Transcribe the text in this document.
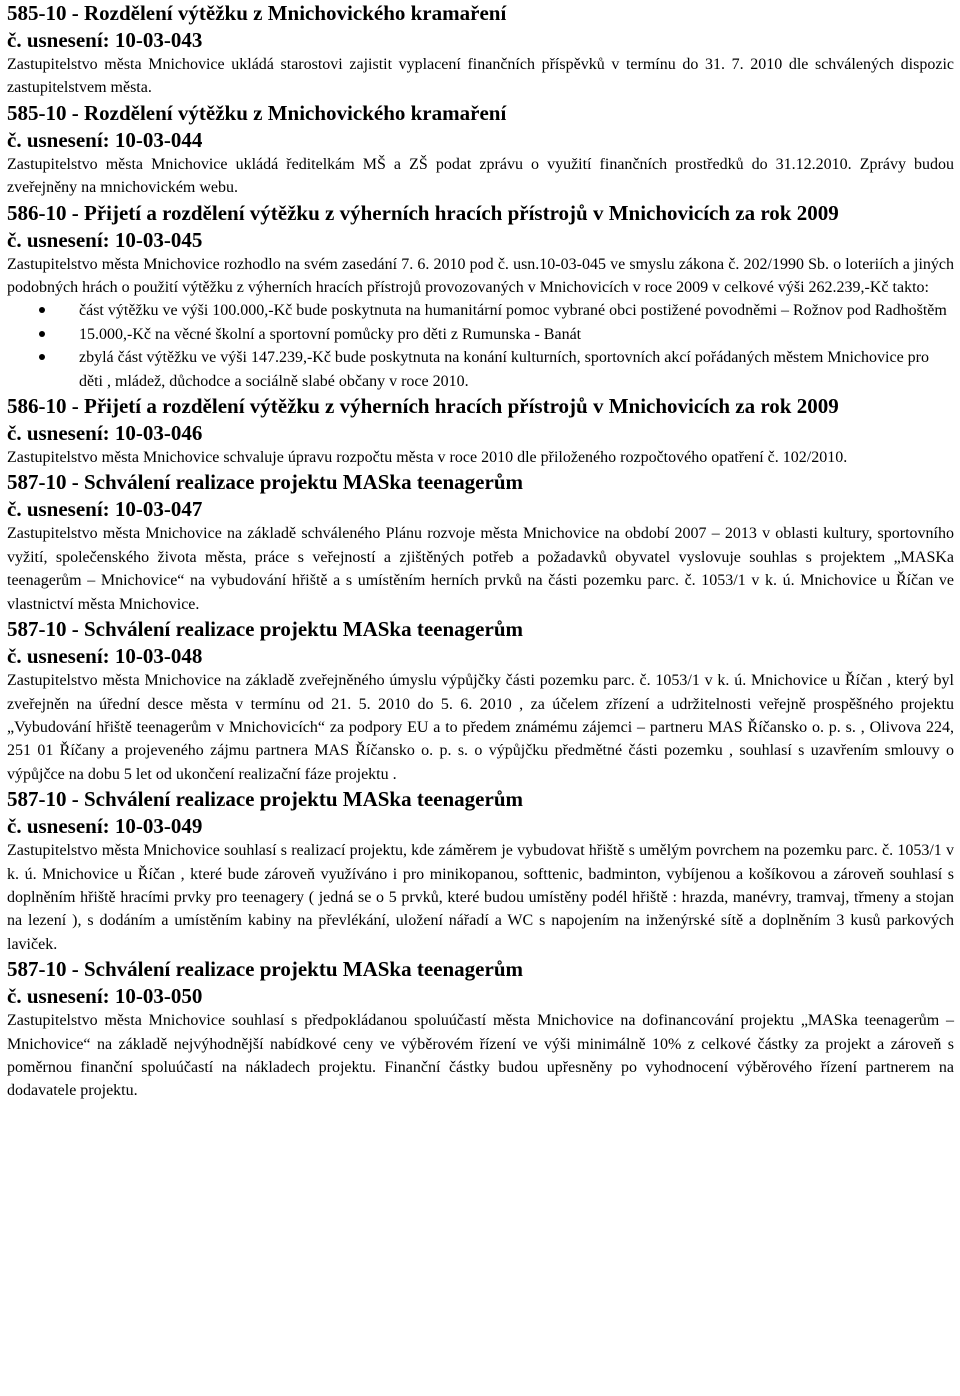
585-10 - Rozdělení výtěžku z Mnichovického kramaření
č. usnesení: 10-03-043

Zastupitelstvo města Mnichovice ukládá starostovi zajistit vyplacení finančních příspěvků v termínu do 31. 7. 2010 dle schválených dispozic zastupitelstvem města.

585-10 - Rozdělení výtěžku z Mnichovického kramaření
č. usnesení: 10-03-044

Zastupitelstvo města Mnichovice ukládá ředitelkám MŠ a ZŠ podat zprávu o využití finančních prostředků do 31.12.2010. Zprávy budou zveřejněny na mnichovickém webu.

586-10 - Přijetí a rozdělení výtěžku z výherních hracích přístrojů v Mnichovicích za rok 2009
č. usnesení: 10-03-045

Zastupitelstvo města Mnichovice rozhodlo na svém zasedání 7. 6. 2010 pod č. usn.10-03-045 ve smyslu zákona č. 202/1990 Sb. o loteriích a jiných podobných hrách o použití výtěžku z výherních hracích přístrojů provozovaných v Mnichovicích v roce 2009 v celkové výši 262.239,-Kč takto:

část výtěžku ve výši 100.000,-Kč bude poskytnuta na humanitární pomoc vybrané obci postižené povodněmi – Rožnov pod Radhoštěm
15.000,-Kč na věcné školní a sportovní pomůcky pro děti z Rumunska - Banát
zbylá část výtěžku ve výši 147.239,-Kč bude poskytnuta na konání kulturních, sportovních akcí pořádaných městem Mnichovice pro děti , mládež, důchodce a sociálně slabé občany v roce 2010.
586-10 - Přijetí a rozdělení výtěžku z výherních hracích přístrojů v Mnichovicích za rok 2009
č. usnesení: 10-03-046

Zastupitelstvo města Mnichovice schvaluje úpravu rozpočtu města v roce 2010 dle přiloženého rozpočtového opatření č. 102/2010.

587-10 - Schválení realizace projektu MASka teenagerům
č. usnesení: 10-03-047

Zastupitelstvo města Mnichovice na základě schváleného Plánu rozvoje města Mnichovice na období 2007 – 2013 v oblasti kultury, sportovního vyžití, společenského života města, práce s veřejností a zjištěných potřeb a požadavků obyvatel vyslovuje souhlas s projektem „MASKa teenagerům – Mnichovice“ na vybudování hřiště a s umístěním herních prvků na části pozemku parc. č. 1053/1 v k. ú. Mnichovice u Říčan ve vlastnictví města Mnichovice.

587-10 - Schválení realizace projektu MASka teenagerům
č. usnesení: 10-03-048

Zastupitelstvo města Mnichovice na základě zveřejněného úmyslu výpůjčky části pozemku parc. č. 1053/1 v k. ú. Mnichovice u Říčan , který byl zveřejněn na úřední desce města v termínu od 21. 5. 2010 do 5. 6. 2010 , za účelem zřízení a udržitelnosti veřejně prospěšného projektu „Vybudování hřiště teenagerům v Mnichovicích“ za podpory EU a to předem známému zájemci – partneru MAS Říčansko o. p. s. , Olivova 224, 251 01 Říčany a projeveného zájmu partnera MAS Říčansko o. p. s. o výpůjčku předmětné části pozemku , souhlasí s uzavřením smlouvy o výpůjčce na dobu 5 let od ukončení realizační fáze projektu .

587-10 - Schválení realizace projektu MASka teenagerům
č. usnesení: 10-03-049

Zastupitelstvo města Mnichovice souhlasí s realizací projektu, kde záměrem je vybudovat hřiště s umělým povrchem na pozemku parc. č. 1053/1 v k. ú. Mnichovice u Říčan , které bude zároveň využíváno i pro minikopanou, softtenic, badminton, vybíjenou a košíkovou a zároveň souhlasí s doplněním hřiště hracími prvky pro teenagery ( jedná se o 5 prvků, které budou umístěny podél hřiště : hrazda, manévry, tramvaj, třmeny a stojan na lezení ), s dodáním a umístěním kabiny na převlékání, uložení nářadí a WC s napojením na inženýrské sítě a doplněním 3 kusů parkových laviček.

587-10 - Schválení realizace projektu MASka teenagerům
č. usnesení: 10-03-050

Zastupitelstvo města Mnichovice souhlasí s předpokládanou spoluúčastí města Mnichovice na dofinancování projektu „MASka teenagerům – Mnichovice“ na základě nejvýhodnější nabídkové ceny ve výběrovém řízení ve výši minimálně 10% z celkové částky za projekt a zároveň s poměrnou finanční spoluúčastí na nákladech projektu. Finanční částky budou upřesněny po vyhodnocení výběrového řízení partnerem na dodavatele projektu.
